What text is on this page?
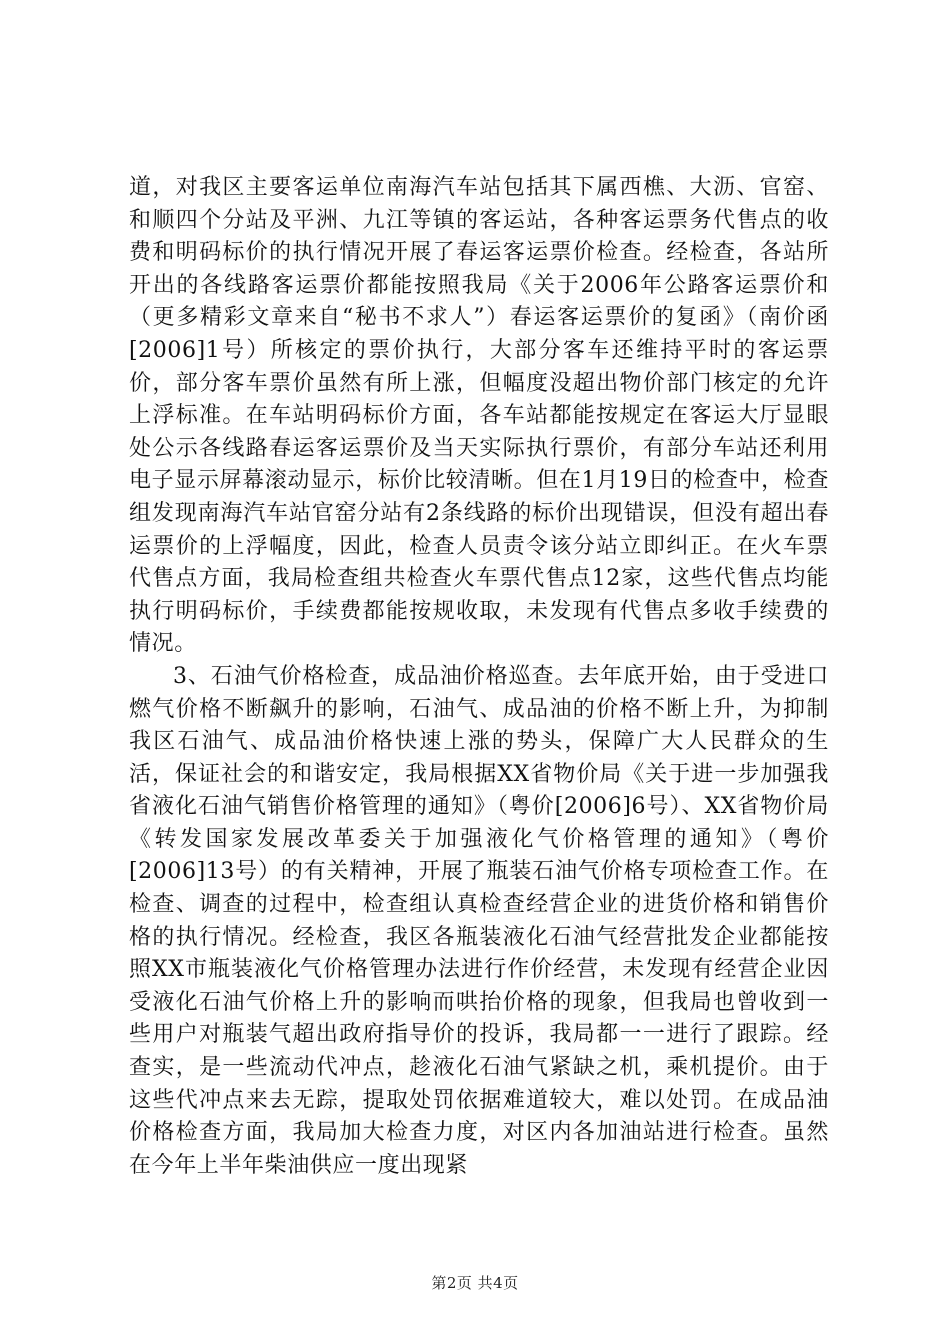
道，对我区主要客运单位南海汽车站包括其下属西樵、大沥、官窑、和顺四个分站及平洲、九江等镇的客运站，各种客运票务代售点的收费和明码标价的执行情况开展了春运客运票价检查。经检查，各站所开出的各线路客运票价都能按照我局《关于2006年公路客运票价和（更多精彩文章来自“秘书不求人”）春运客运票价的复函》（南价函[2006]1号）所核定的票价执行，大部分客车还维持平时的客运票价，部分客车票价虽然有所上涨，但幅度没超出物价部门核定的允许上浮标准。在车站明码标价方面，各车站都能按规定在客运大厅显眼处公示各线路春运客运票价及当天实际执行票价，有部分车站还利用电子显示屏幕滚动显示，标价比较清晰。但在1月19日的检查中，检查组发现南海汽车站官窑分站有2条线路的标价出现错误，但没有超出春运票价的上浮幅度，因此，检查人员责令该分站立即纠正。在火车票代售点方面，我局检查组共检查火车票代售点12家，这些代售点均能执行明码标价，手续费都能按规收取，未发现有代售点多收手续费的情况。

3、石油气价格检查，成品油价格巡查。去年底开始，由于受进口燃气价格不断飙升的影响，石油气、成品油的价格不断上升，为抑制我区石油气、成品油价格快速上涨的势头，保障广大人民群众的生活，保证社会的和谐安定，我局根据XX省物价局《关于进一步加强我省液化石油气销售价格管理的通知》（粤价[2006]6号）、XX省物价局《转发国家发展改革委关于加强液化气价格管理的通知》（粤价[2006]13号）的有关精神，开展了瓶装石油气价格专项检查工作。在检查、调查的过程中，检查组认真检查经营企业的进货价格和销售价格的执行情况。经检查，我区各瓶装液化石油气经营批发企业都能按照XX市瓶装液化气价格管理办法进行作价经营，未发现有经营企业因受液化石油气价格上升的影响而哄抬价格的现象，但我局也曾收到一些用户对瓶装气超出政府指导价的投诉，我局都一一进行了跟踪。经查实，是一些流动代冲点，趁液化石油气紧缺之机，乘机提价。由于这些代冲点来去无踪，提取处罚依据难道较大，难以处罚。在成品油价格检查方面，我局加大检查力度，对区内各加油站进行检查。虽然在今年上半年柴油供应一度出现紧

第2页 共4页
